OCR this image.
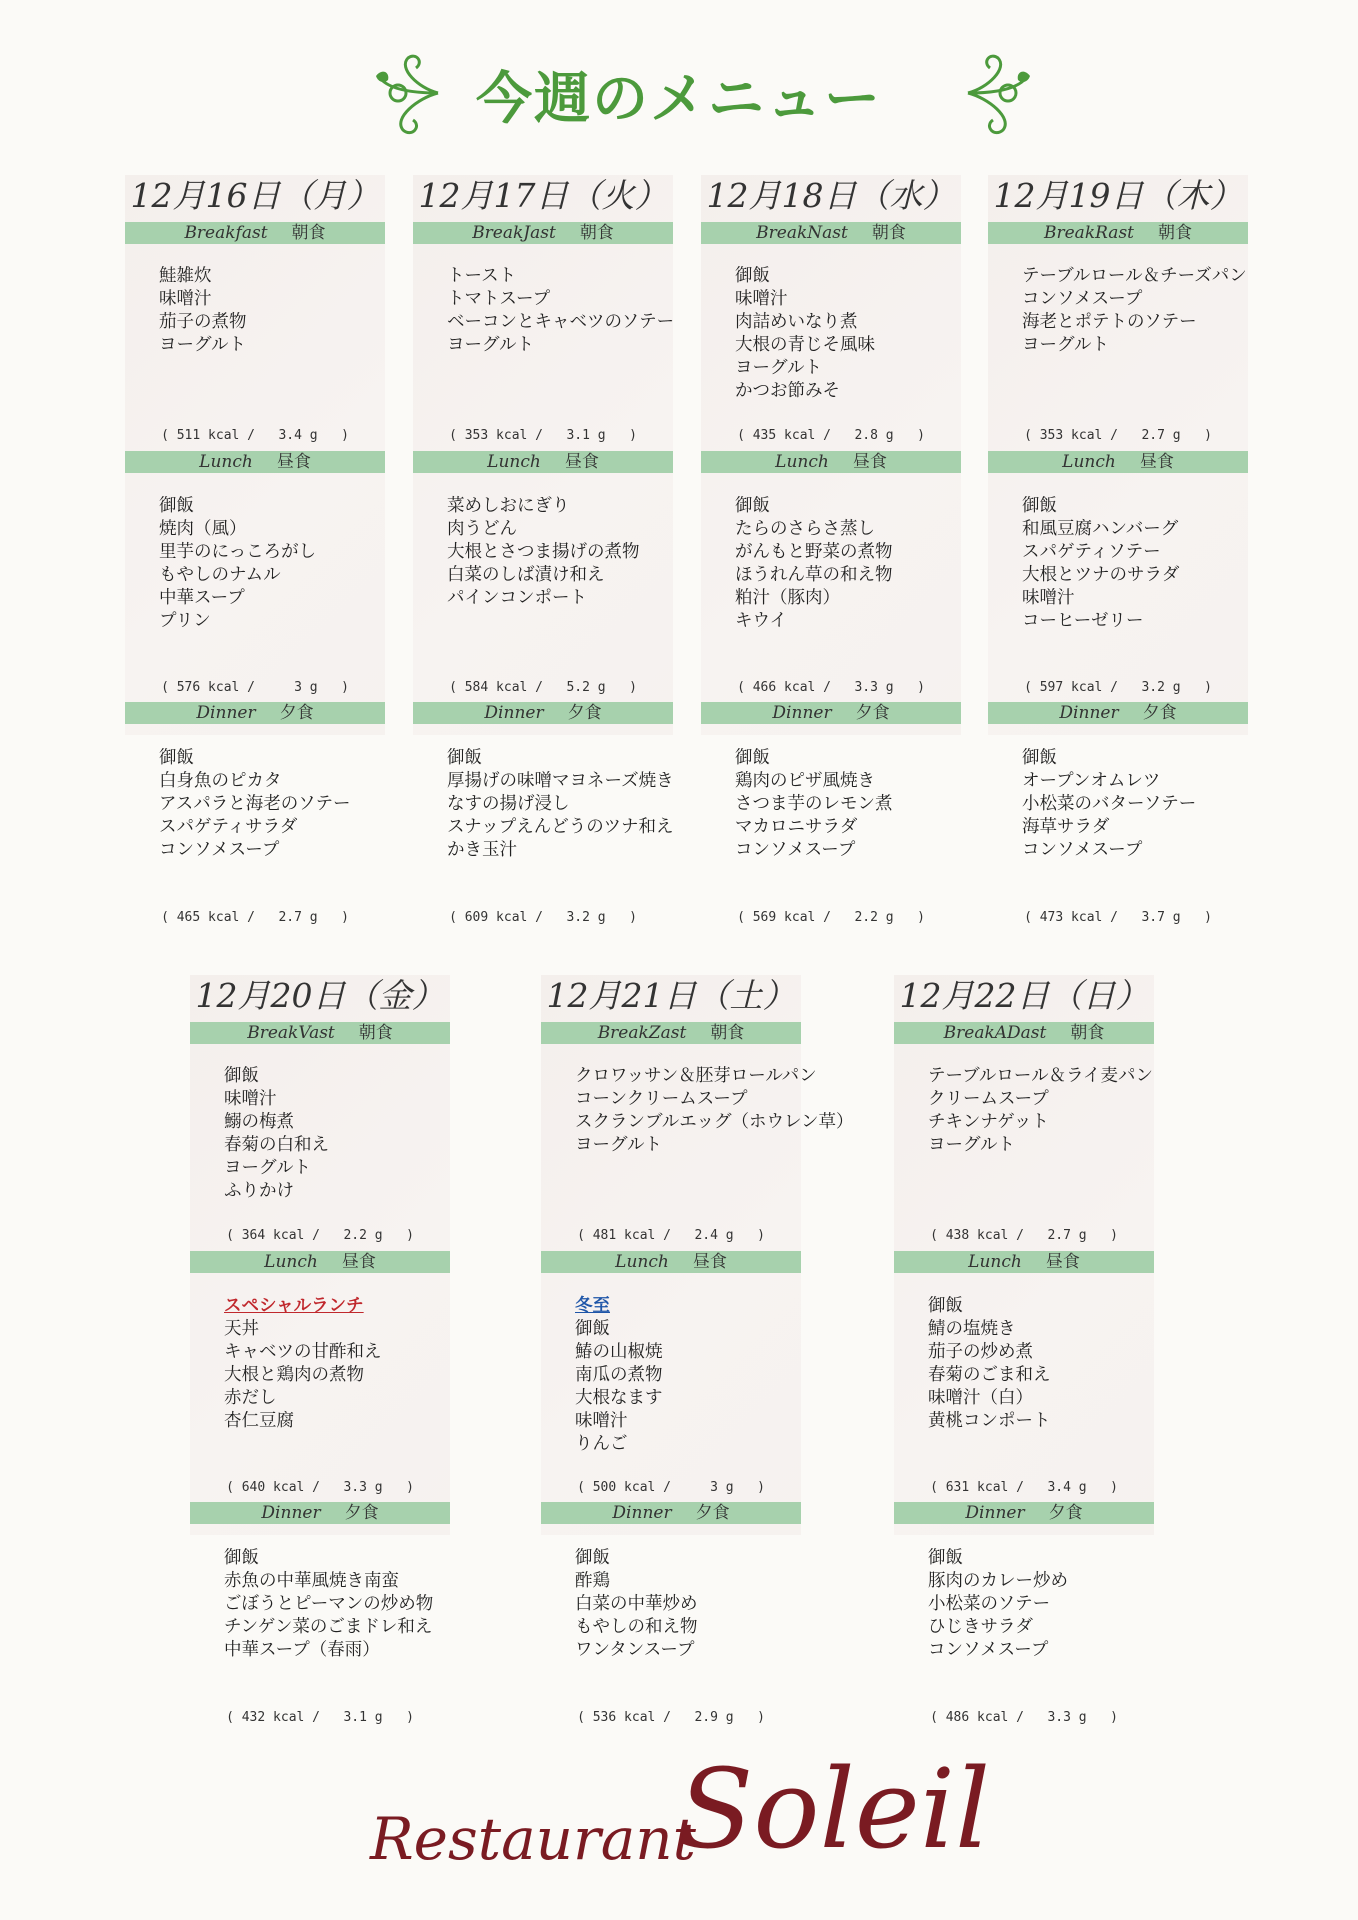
今週のメニュー
12月16日（月）
Breakfast 朝食
鮭雑炊
味噌汁
茄子の煮物
ヨーグルト
( 511 kcal /   3.4 g   )
Lunch 昼食
御飯
焼肉（風）
里芋のにっころがし
もやしのナムル
中華スープ
プリン
( 576 kcal /     3 g   )
Dinner 夕食
御飯
白身魚のピカタ
アスパラと海老のソテー
スパゲティサラダ
コンソメスープ
( 465 kcal /   2.7 g   )
12月17日（火）
BreakJast 朝食
トースト
トマトスープ
ベーコンとキャベツのソテー
ヨーグルト
( 353 kcal /   3.1 g   )
Lunch 昼食
菜めしおにぎり
肉うどん
大根とさつま揚げの煮物
白菜のしば漬け和え
パインコンポート
( 584 kcal /   5.2 g   )
Dinner 夕食
御飯
厚揚げの味噌マヨネーズ焼き
なすの揚げ浸し
スナップえんどうのツナ和え
かき玉汁
( 609 kcal /   3.2 g   )
12月18日（水）
BreakNast 朝食
御飯
味噌汁
肉詰めいなり煮
大根の青じそ風味
ヨーグルト
かつお節みそ
( 435 kcal /   2.8 g   )
Lunch 昼食
御飯
たらのさらさ蒸し
がんもと野菜の煮物
ほうれん草の和え物
粕汁（豚肉）
キウイ
( 466 kcal /   3.3 g   )
Dinner 夕食
御飯
鶏肉のピザ風焼き
さつま芋のレモン煮
マカロニサラダ
コンソメスープ
( 569 kcal /   2.2 g   )
12月19日（木）
BreakRast 朝食
テーブルロール＆チーズパン
コンソメスープ
海老とポテトのソテー
ヨーグルト
( 353 kcal /   2.7 g   )
Lunch 昼食
御飯
和風豆腐ハンバーグ
スパゲティソテー
大根とツナのサラダ
味噌汁
コーヒーゼリー
( 597 kcal /   3.2 g   )
Dinner 夕食
御飯
オープンオムレツ
小松菜のバターソテー
海草サラダ
コンソメスープ
( 473 kcal /   3.7 g   )
12月20日（金）
BreakVast 朝食
御飯
味噌汁
鰯の梅煮
春菊の白和え
ヨーグルト
ふりかけ
( 364 kcal /   2.2 g   )
Lunch 昼食
スペシャルランチ
天丼
キャベツの甘酢和え
大根と鶏肉の煮物
赤だし
杏仁豆腐
( 640 kcal /   3.3 g   )
Dinner 夕食
御飯
赤魚の中華風焼き南蛮
ごぼうとピーマンの炒め物
チンゲン菜のごまドレ和え
中華スープ（春雨）
( 432 kcal /   3.1 g   )
12月21日（土）
BreakZast 朝食
クロワッサン＆胚芽ロールパン
コーンクリームスープ
スクランブルエッグ（ホウレン草）
ヨーグルト
( 481 kcal /   2.4 g   )
Lunch 昼食
冬至
御飯
鰆の山椒焼
南瓜の煮物
大根なます
味噌汁
りんご
( 500 kcal /     3 g   )
Dinner 夕食
御飯
酢鶏
白菜の中華炒め
もやしの和え物
ワンタンスープ
( 536 kcal /   2.9 g   )
12月22日（日）
BreakADast 朝食
テーブルロール＆ライ麦パン
クリームスープ
チキンナゲット
ヨーグルト
( 438 kcal /   2.7 g   )
Lunch 昼食
御飯
鯖の塩焼き
茄子の炒め煮
春菊のごま和え
味噌汁（白）
黄桃コンポート
( 631 kcal /   3.4 g   )
Dinner 夕食
御飯
豚肉のカレー炒め
小松菜のソテー
ひじきサラダ
コンソメスープ
( 486 kcal /   3.3 g   )
Restaurant
Soleil
